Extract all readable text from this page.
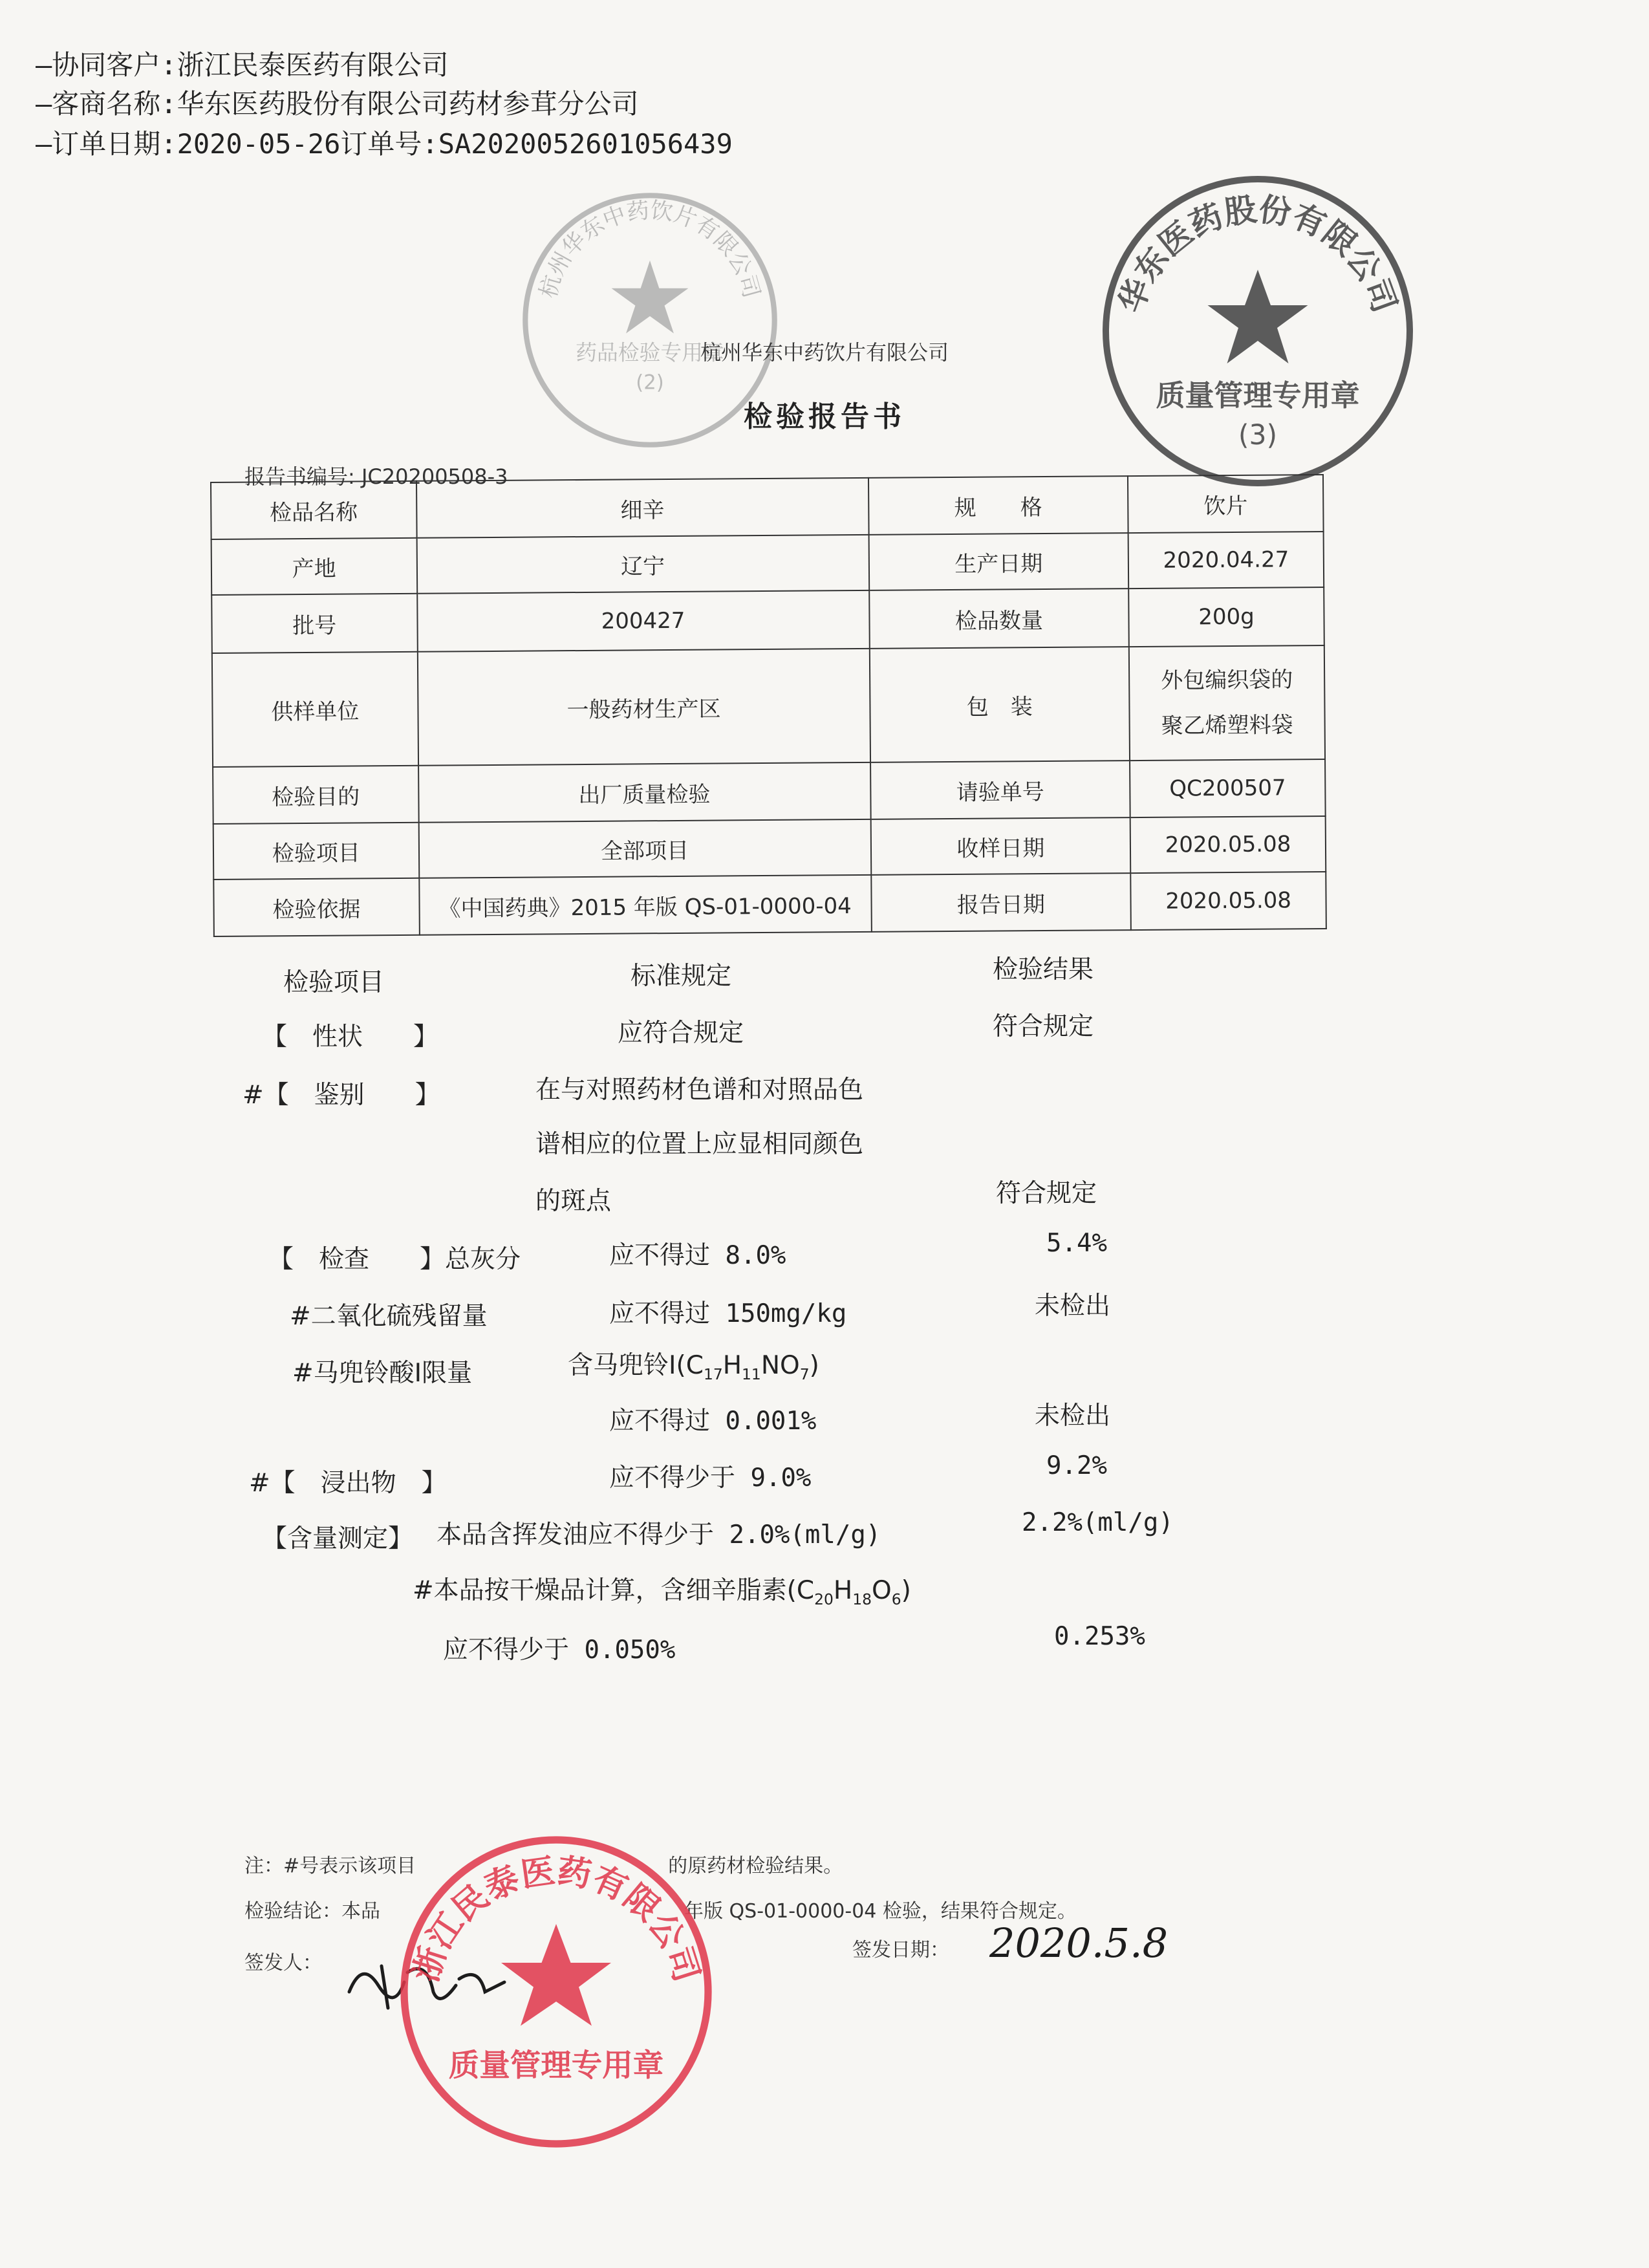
—协同客户:浙江民泰医药有限公司
—客商名称:华东医药股份有限公司药材参茸分公司
—订单日期:2020-05-26订单号:SA2020052601056439
杭州华东中药饮片有限公司
药品检验专用章
(2)
华东医药股份有限公司
质量管理专用章
(3)
杭州华东中药饮片有限公司
检验报告书
报告书编号: JC20200508-3
检品名称	细辛	规　　格	饮片
产地	辽宁	生产日期	2020.04.27
批号	200427	检品数量	200g
供样单位	一般药材生产区	包　装	外包编织袋的
聚乙烯塑料袋

检验目的	出厂质量检验	请验单号	QC200507
检验项目	全部项目	收样日期	2020.05.08
检验依据	《中国药典》2015 年版 QS-01-0000-04	报告日期	2020.05.08
检验项目	标准规定	检验结果
【　性状　　】	应符合规定	符合规定
#【　鉴别　　】	在与对照药材色谱和对照品色
谱相应的位置上应显相同颜色
的斑点	符合规定
【　检查　　】总灰分	应不得过 8.0%	5.4%
#二氧化硫残留量	应不得过 150mg/kg	未检出
#马兜铃酸Ⅰ限量	含马兜铃$Ⅰ(C_{17}H_{11}NO_7)$
应不得过 0.001%	未检出
#【　浸出物　】	应不得少于 9.0%	9.2%
【含量测定】 本品含挥发油应不得少于 2.0%(ml/g)	2.2%(ml/g)
#本品按干燥品计算，含细辛脂素$(C_{20}H_{18}O_6)$
应不得少于 0.050%	0.253%
注：#号表示该项目	的原药材检验结果。
检验结论：本品	年版 QS-01-0000-04 检验，结果符合规定。
签发人：
签发日期： 2020.5.8
浙江民泰医药有限公司
质量管理专用章
